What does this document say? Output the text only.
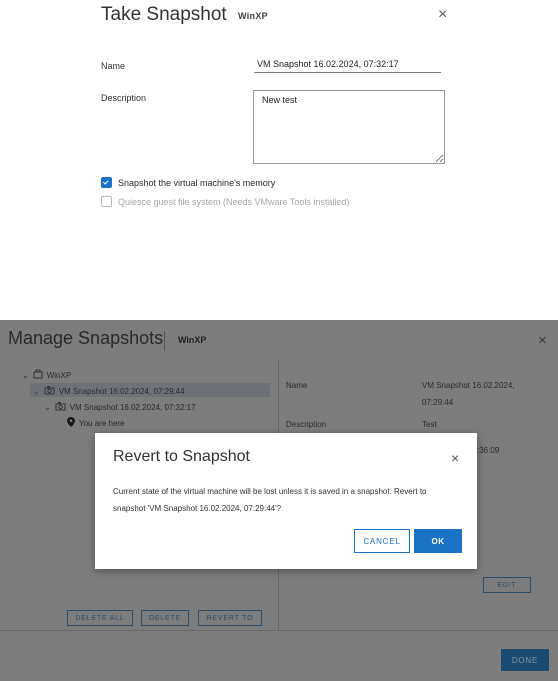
Take Snapshot WinXP	×
Name
VM Snapshot 16.02.2024, 07:32:17
Description
New test
Snapshot the virtual machine's memory
Quiesce guest file system (Needs VMware Tools installed)
Manage Snapshots WinXP	×
⌄ WinXP
⌄ VM Snapshot 16.02.2024, 07:29:44
⌄ VM Snapshot 16.02.2024, 07:32:17
You are here
Name	VM Snapshot 16.02.2024,
07:29:44
Description	Test
:36:09
EDIT
DELETE ALL	DELETE	REVERT TO
DONE
Revert to Snapshot	×
Current state of the virtual machine will be lost unless it is saved in a snapshot. Revert to snapshot 'VM Snapshot 16.02.2024, 07:29:44'?
CANCEL	OK
